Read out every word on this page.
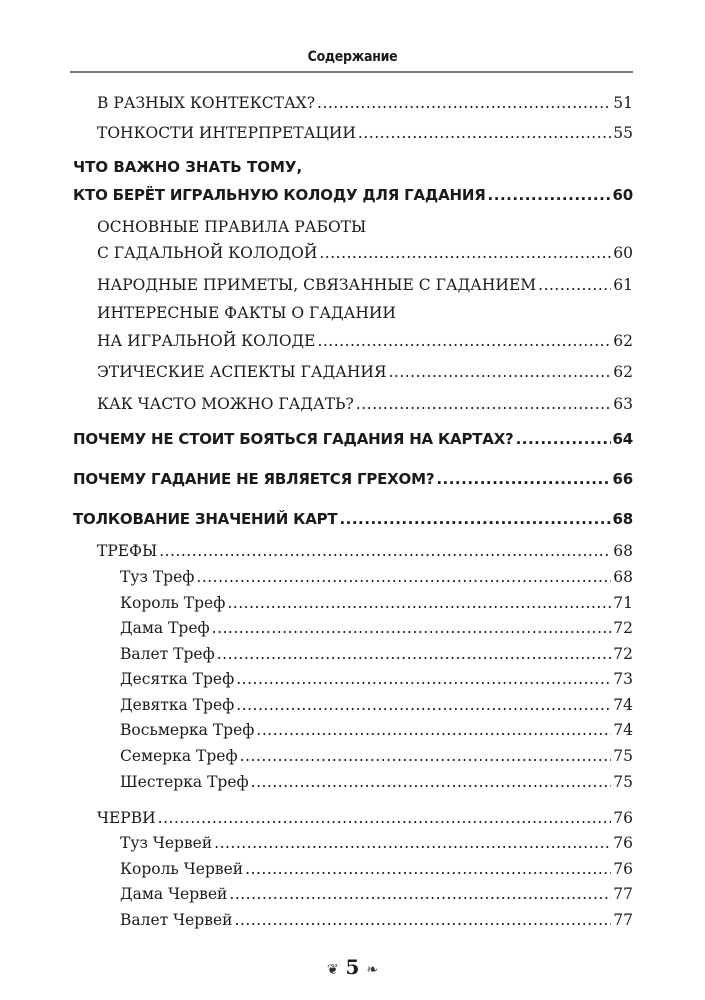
Содержание
В РАЗНЫХ КОНТЕКСТАХ? .....	51
ТОНКОСТИ ИНТЕРПРЕТАЦИИ .....	55
ЧТО ВАЖНО ЗНАТЬ ТОМУ,
КТО БЕРЁТ ИГРАЛЬНУЮ КОЛОДУ ДЛЯ ГАДАНИЯ .....	60
ОСНОВНЫЕ ПРАВИЛА РАБОТЫ
С ГАДАЛЬНОЙ КОЛОДОЙ .....	60
НАРОДНЫЕ ПРИМЕТЫ, СВЯЗАННЫЕ С ГАДАНИЕМ .....	61
ИНТЕРЕСНЫЕ ФАКТЫ О ГАДАНИИ
НА ИГРАЛЬНОЙ КОЛОДЕ .....	62
ЭТИЧЕСКИЕ АСПЕКТЫ ГАДАНИЯ .....	62
КАК ЧАСТО МОЖНО ГАДАТЬ? .....	63
ПОЧЕМУ НЕ СТОИТ БОЯТЬСЯ ГАДАНИЯ НА КАРТАХ? .....	64
ПОЧЕМУ ГАДАНИЕ НЕ ЯВЛЯЕТСЯ ГРЕХОМ? .....	66
ТОЛКОВАНИЕ ЗНАЧЕНИЙ КАРТ .....	68
ТРЕФЫ .....	68
Туз Треф .....	68
Король Треф .....	71
Дама Треф .....	72
Валет Треф .....	72
Десятка Треф .....	73
Девятка Треф .....	74
Восьмерка Треф .....	74
Семерка Треф .....	75
Шестерка Треф .....	75
ЧЕРВИ .....	76
Туз Червей .....	76
Король Червей .....	76
Дама Червей .....	77
Валет Червей .....	77
❦ 5 ❧
